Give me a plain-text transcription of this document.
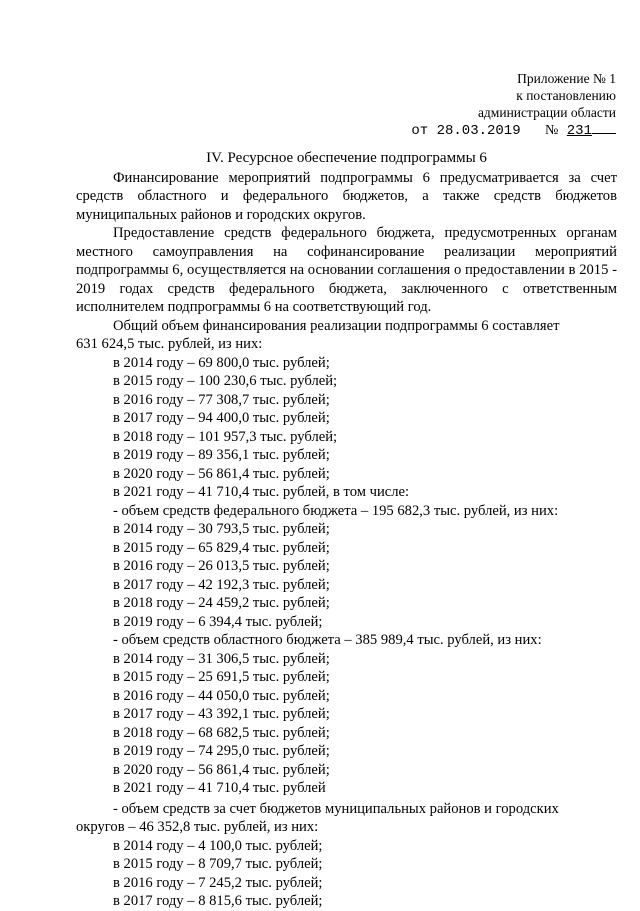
Приложение № 1
к постановлению
администрации области
от 28.03.2019 № 231
IV. Ресурсное обеспечение подпрограммы 6

Финансирование мероприятий подпрограммы 6 предусматривается за счет средств областного и федерального бюджетов, а также средств бюджетов муниципальных районов и городских округов.

Предоставление средств федерального бюджета, предусмотренных органам местного самоуправления на софинансирование реализации мероприятий подпрограммы 6, осуществляется на основании соглашения о предоставлении в 2015 - 2019 годах средств федерального бюджета, заключенного с ответственным исполнителем подпрограммы 6 на соответствующий год.

Общий объем финансирования реализации подпрограммы 6 составляет
631 624,5 тыс. рублей, из них:
в 2014 году – 69 800,0 тыс. рублей;
в 2015 году – 100 230,6 тыс. рублей;
в 2016 году – 77 308,7 тыс. рублей;
в 2017 году – 94 400,0 тыс. рублей;
в 2018 году – 101 957,3 тыс. рублей;
в 2019 году – 89 356,1 тыс. рублей;
в 2020 году – 56 861,4 тыс. рублей;
в 2021 году – 41 710,4 тыс. рублей, в том числе:
- объем средств федерального бюджета – 195 682,3 тыс. рублей, из них:
в 2014 году – 30 793,5 тыс. рублей;
в 2015 году – 65 829,4 тыс. рублей;
в 2016 году – 26 013,5 тыс. рублей;
в 2017 году – 42 192,3 тыс. рублей;
в 2018 году – 24 459,2 тыс. рублей;
в 2019 году – 6 394,4 тыс. рублей;
- объем средств областного бюджета – 385 989,4 тыс. рублей, из них:
в 2014 году – 31 306,5 тыс. рублей;
в 2015 году – 25 691,5 тыс. рублей;
в 2016 году – 44 050,0 тыс. рублей;
в 2017 году – 43 392,1 тыс. рублей;
в 2018 году – 68 682,5 тыс. рублей;
в 2019 году – 74 295,0 тыс. рублей;
в 2020 году – 56 861,4 тыс. рублей;
в 2021 году – 41 710,4 тыс. рублей
- объем средств за счет бюджетов муниципальных районов и городских
округов – 46 352,8 тыс. рублей, из них:
в 2014 году – 4 100,0 тыс. рублей;
в 2015 году – 8 709,7 тыс. рублей;
в 2016 году – 7 245,2 тыс. рублей;
в 2017 году – 8 815,6 тыс. рублей;
